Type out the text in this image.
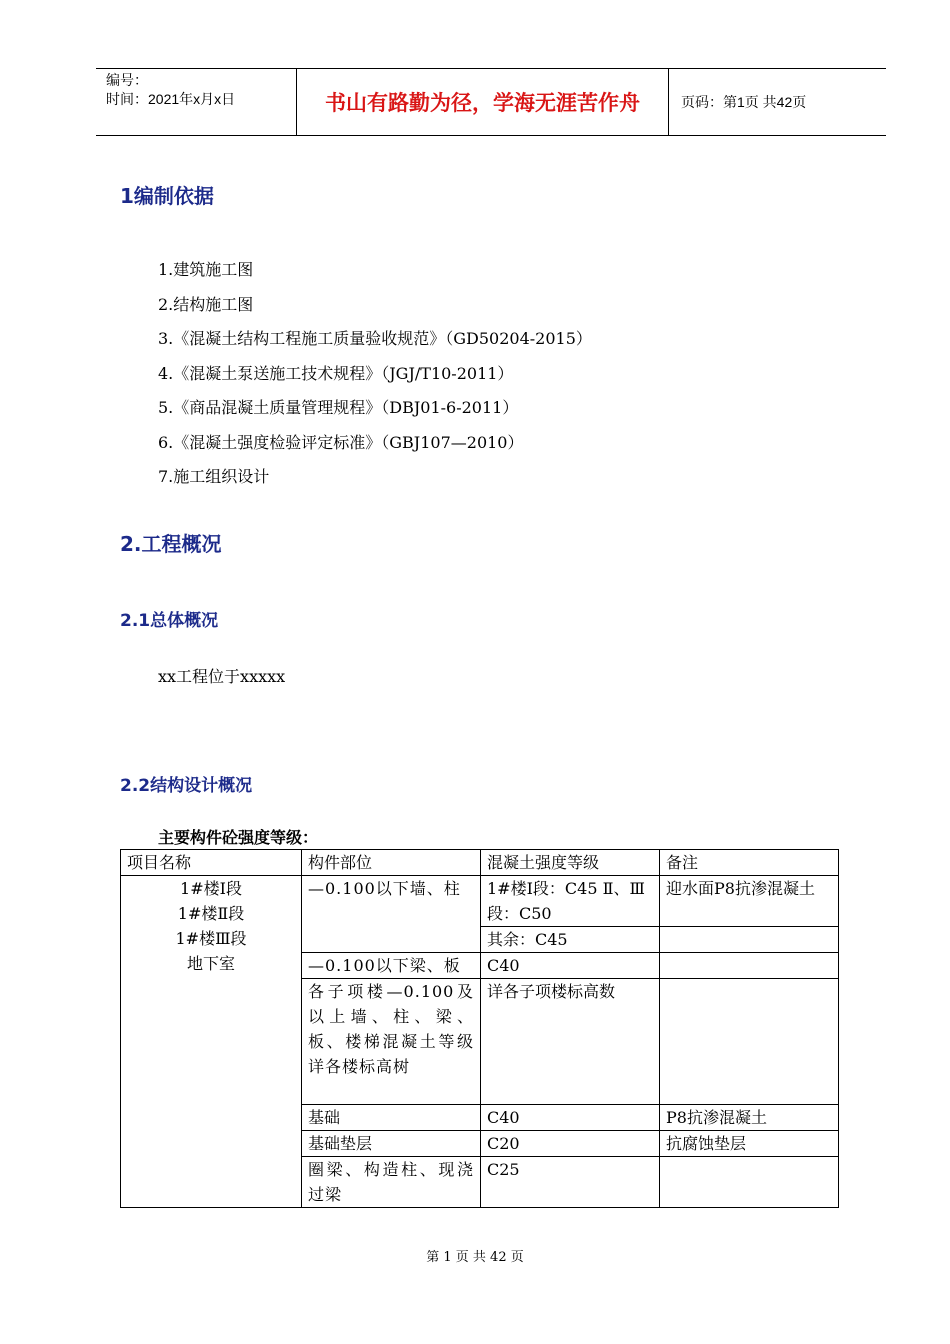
编号：
时间：2021年x月x日	书山有路勤为径，学海无涯苦作舟	页码：第1页 共42页
1编制依据
1.建筑施工图
2.结构施工图
3.《混凝土结构工程施工质量验收规范》（GD50204-2015）
4.《混凝土泵送施工技术规程》（JGJ/T10-2011）
5.《商品混凝土质量管理规程》（DBJ01-6-2011）
6.《混凝土强度检验评定标准》（GBJ107—2010）
7.施工组织设计
2.工程概况
2.1总体概况
xx工程位于xxxxx
2.2结构设计概况
主要构件砼强度等级：
项目名称	构件部位	混凝土强度等级	备注

1#楼Ⅰ段
1#楼Ⅱ段
1#楼Ⅲ段
地下室	—0.100以下墙、柱	1#楼Ⅰ段：C45 Ⅱ、Ⅲ段：C50	迎水面P8抗渗混凝土
		其余：C45	
	—0.100以下梁、板	C40	
	各子项楼—0.100及以上墙、柱、梁、板、楼梯混凝土等级详各楼标高树	详各子项楼标高数	
	基础	C40	P8抗渗混凝土
	基础垫层	C20	抗腐蚀垫层
	圈梁、构造柱、现浇过梁	C25	
第 1 页 共 42 页
